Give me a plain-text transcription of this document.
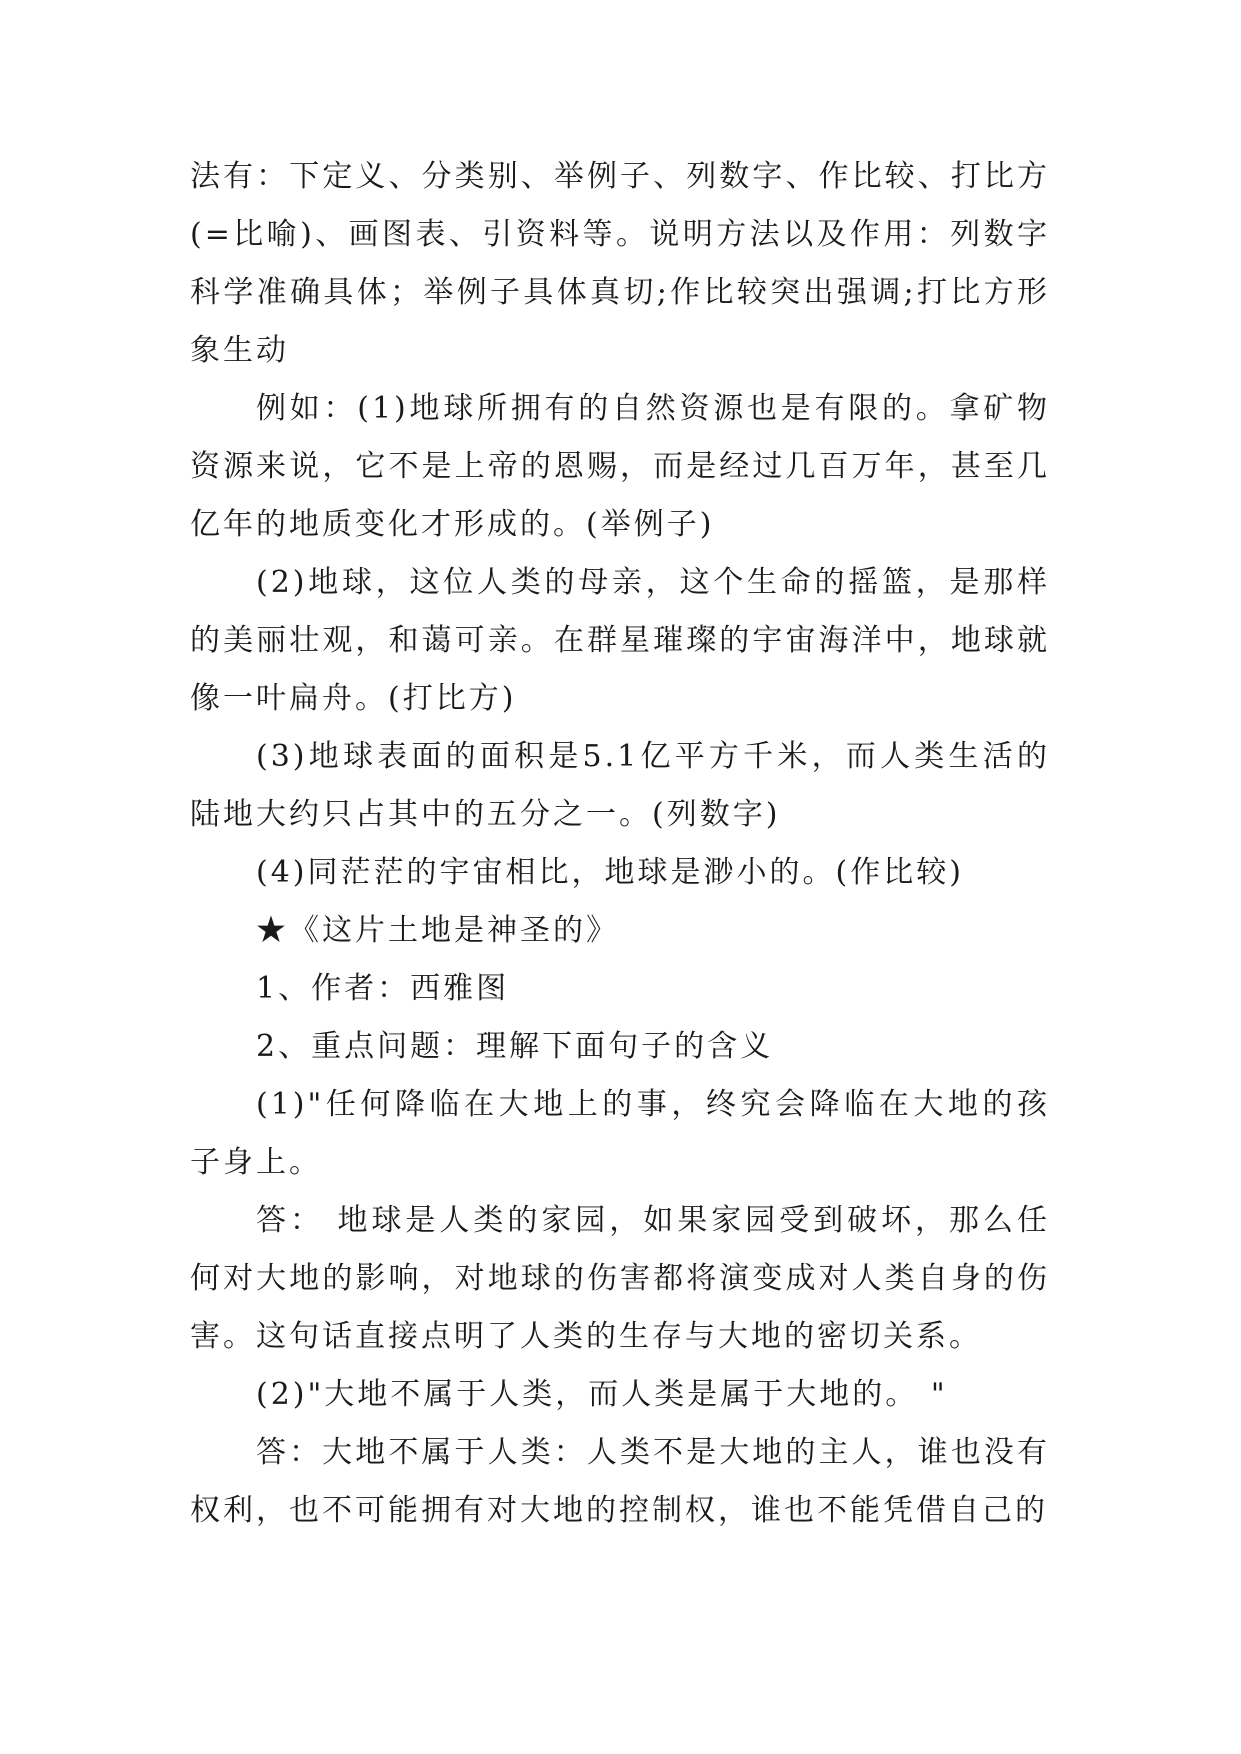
法有：下定义、分类别、举例子、列数字、作比较、打比方(=比喻)、画图表、引资料等。说明方法以及作用：列数字科学准确具体；举例子具体真切;作比较突出强调;打比方形象生动

例如：(1)地球所拥有的自然资源也是有限的。拿矿物资源来说，它不是上帝的恩赐，而是经过几百万年，甚至几亿年的地质变化才形成的。(举例子)

(2)地球，这位人类的母亲，这个生命的摇篮，是那样的美丽壮观，和蔼可亲。在群星璀璨的宇宙海洋中，地球就像一叶扁舟。(打比方)

(3)地球表面的面积是5.1亿平方千米，而人类生活的陆地大约只占其中的五分之一。(列数字)

(4)同茫茫的宇宙相比，地球是渺小的。(作比较)

★《这片土地是神圣的》

1、作者：西雅图

2、重点问题：理解下面句子的含义

(1)"任何降临在大地上的事，终究会降临在大地的孩子身上。

答： 地球是人类的家园，如果家园受到破坏，那么任何对大地的影响，对地球的伤害都将演变成对人类自身的伤害。这句话直接点明了人类的生存与大地的密切关系。

(2)"大地不属于人类，而人类是属于大地的。 "

答：大地不属于人类：人类不是大地的主人，谁也没有权利，也不可能拥有对大地的控制权，谁也不能凭借自己的
